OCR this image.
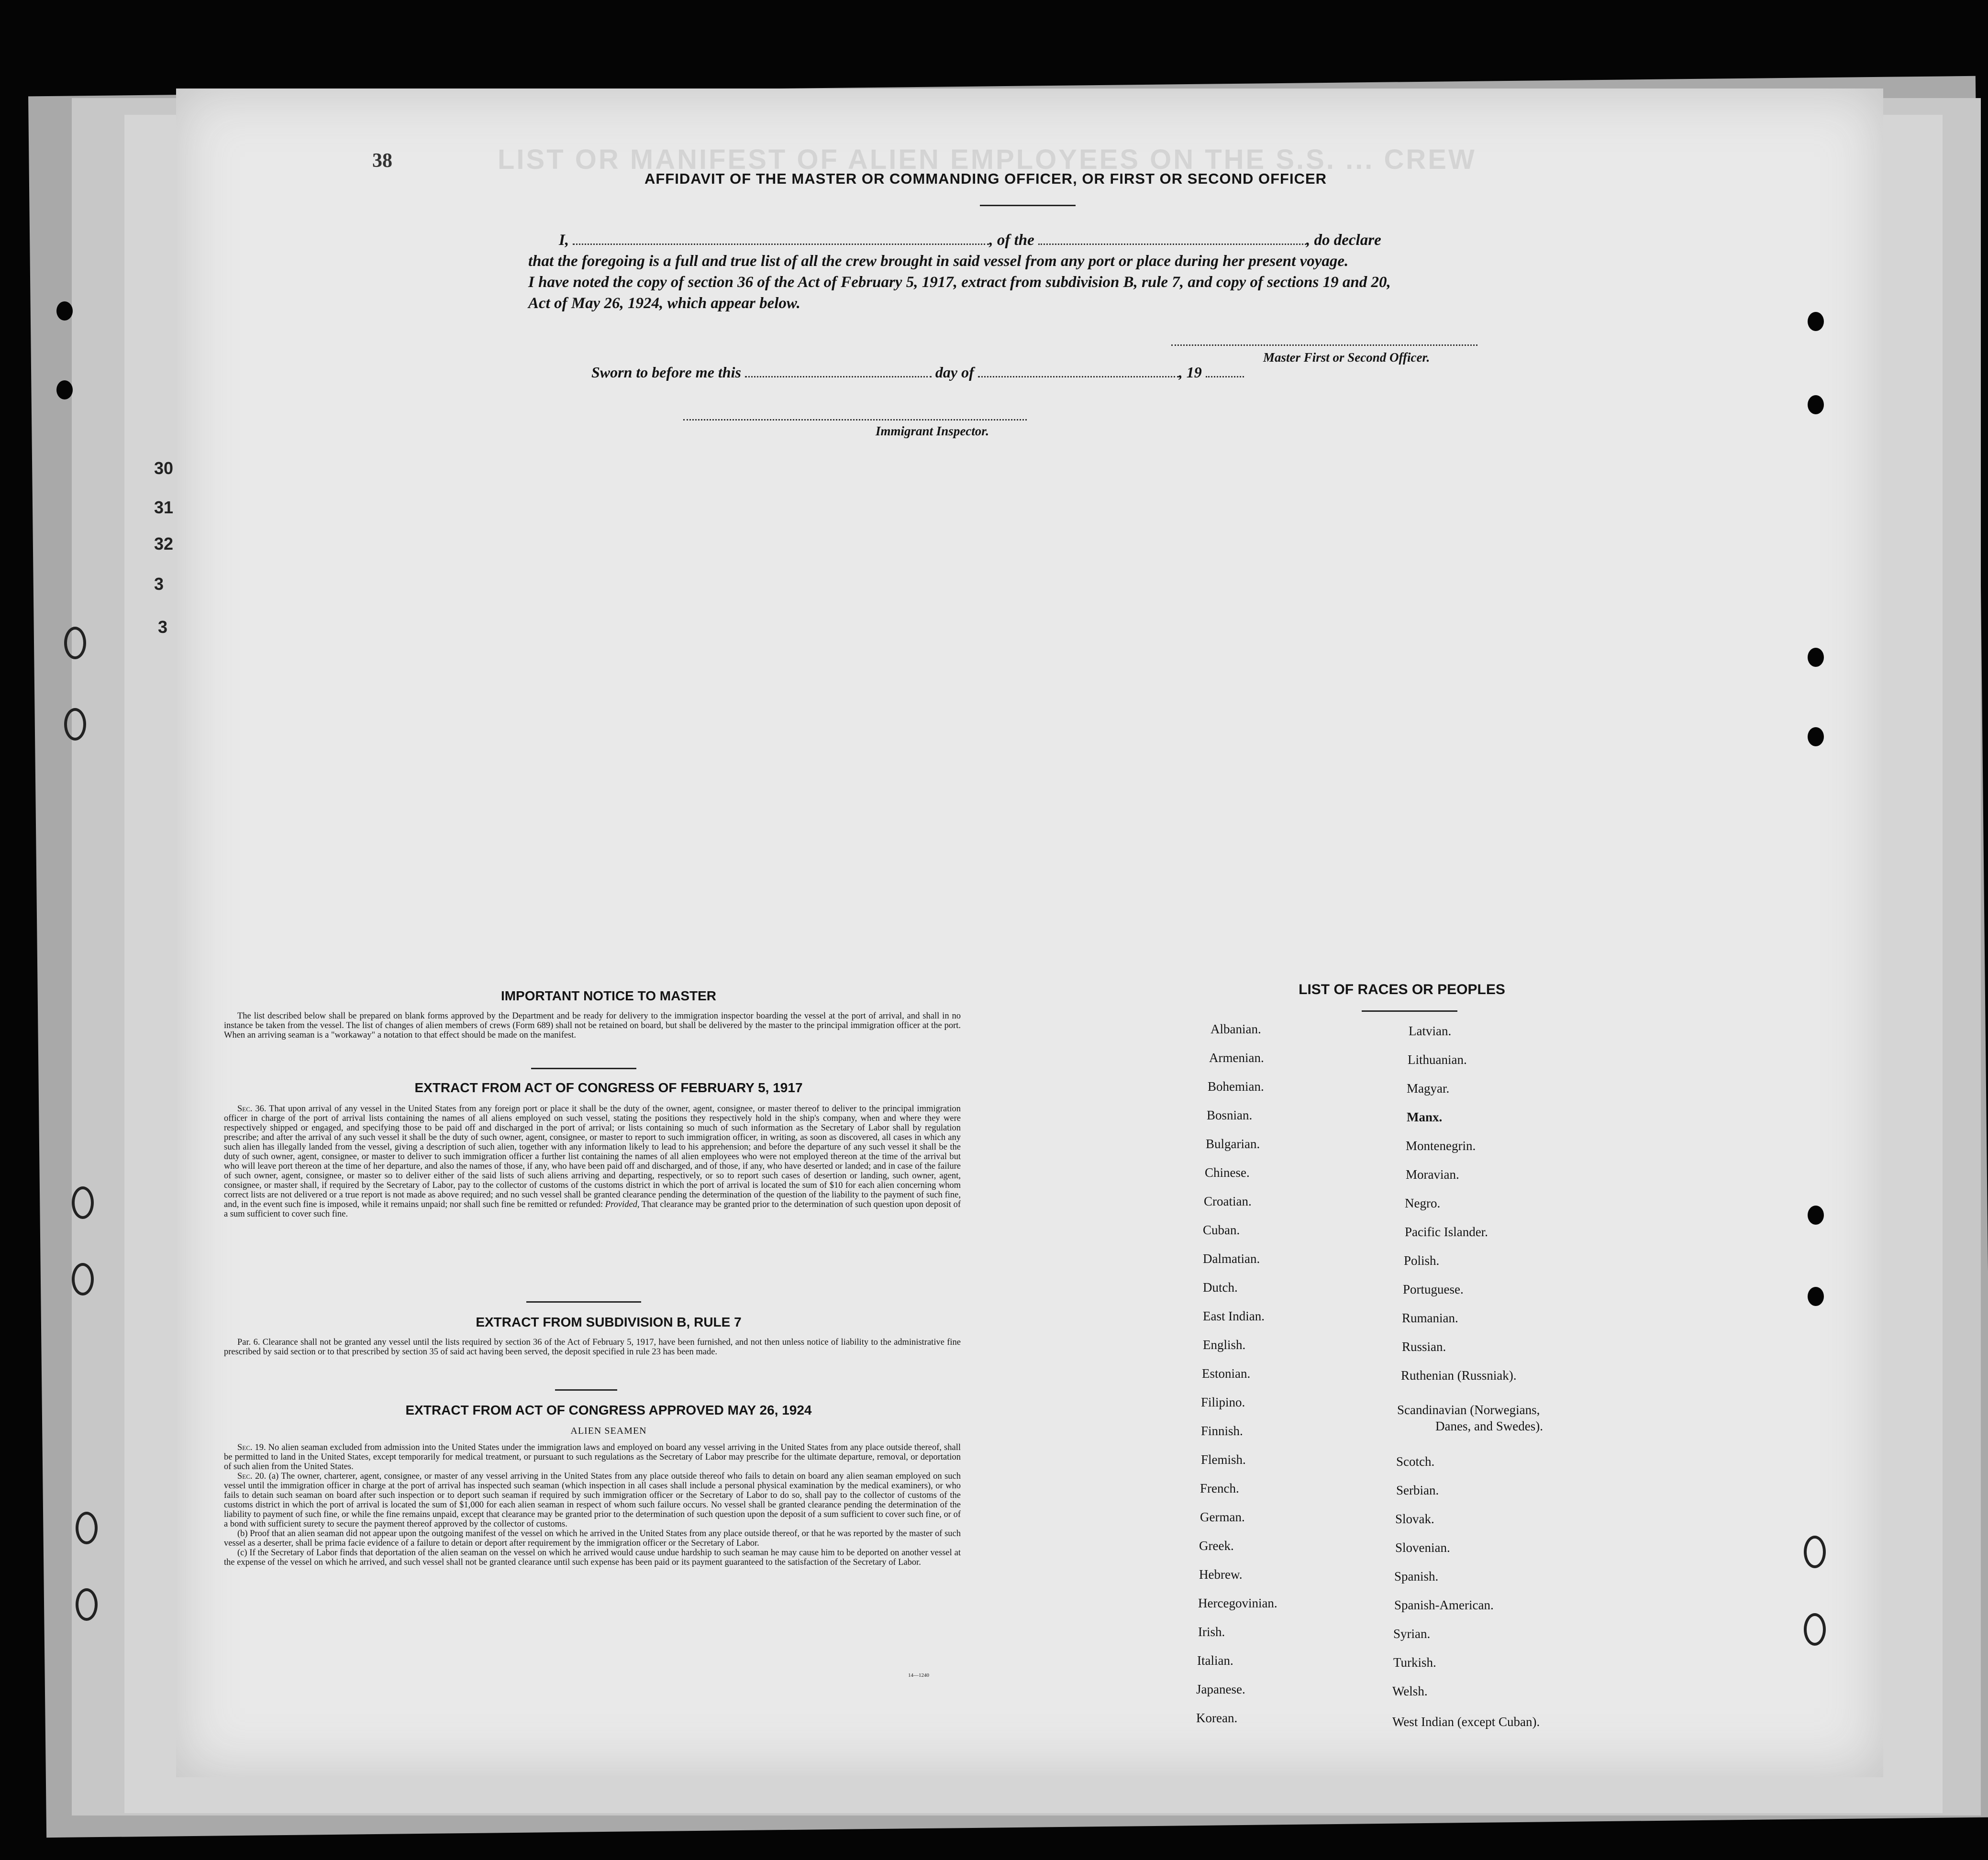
30
31
32
3
3
LIST OR MANIFEST OF ALIEN EMPLOYEES ON THE S.S. ... CREW
38
AFFIDAVIT OF THE MASTER OR COMMANDING OFFICER, OR FIRST OR SECOND OFFICER
I,	, of the	, do declare
that the foregoing is a full and true list of all the crew brought in said vessel from any port or place during her present voyage.
I have noted the copy of section 36 of the Act of February 5, 1917, extract from subdivision B, rule 7, and copy of sections 19 and 20,
Act of May 26, 1924, which appear below.
Master First or Second Officer.
Sworn to before me this	day of	, 19
Immigrant Inspector.
IMPORTANT NOTICE TO MASTER

The list described below shall be prepared on blank forms approved by the Department and be ready for delivery to the immigration inspector boarding the vessel at the port of arrival, and shall in no instance be taken from the vessel. The list of changes of alien members of crews (Form 689) shall not be retained on board, but shall be delivered by the master to the principal immigration officer at the port. When an arriving seaman is a "workaway" a notation to that effect should be made on the manifest.

EXTRACT FROM ACT OF CONGRESS OF FEBRUARY 5, 1917

Sec. 36. That upon arrival of any vessel in the United States from any foreign port or place it shall be the duty of the owner, agent, consignee, or master thereof to deliver to the principal immigration officer in charge of the port of arrival lists containing the names of all aliens employed on such vessel, stating the positions they respectively hold in the ship's company, when and where they were respectively shipped or engaged, and specifying those to be paid off and discharged in the port of arrival; or lists containing so much of such information as the Secretary of Labor shall by regulation prescribe; and after the arrival of any such vessel it shall be the duty of such owner, agent, consignee, or master to report to such immigration officer, in writing, as soon as discovered, all cases in which any such alien has illegally landed from the vessel, giving a description of such alien, together with any information likely to lead to his apprehension; and before the departure of any such vessel it shall be the duty of such owner, agent, consignee, or master to deliver to such immigration officer a further list containing the names of all alien employees who were not employed thereon at the time of the arrival but who will leave port thereon at the time of her departure, and also the names of those, if any, who have been paid off and discharged, and of those, if any, who have deserted or landed; and in case of the failure of such owner, agent, consignee, or master so to deliver either of the said lists of such aliens arriving and departing, respectively, or so to report such cases of desertion or landing, such owner, agent, consignee, or master shall, if required by the Secretary of Labor, pay to the collector of customs of the customs district in which the port of arrival is located the sum of $10 for each alien concerning whom correct lists are not delivered or a true report is not made as above required; and no such vessel shall be granted clearance pending the determination of the question of the liability to the payment of such fine, and, in the event such fine is imposed, while it remains unpaid; nor shall such fine be remitted or refunded: Provided, That clearance may be granted prior to the determination of such question upon deposit of a sum sufficient to cover such fine.

EXTRACT FROM SUBDIVISION B, RULE 7

Par. 6. Clearance shall not be granted any vessel until the lists required by section 36 of the Act of February 5, 1917, have been furnished, and not then unless notice of liability to the administrative fine prescribed by said section or to that prescribed by section 35 of said act having been served, the deposit specified in rule 23 has been made.

EXTRACT FROM ACT OF CONGRESS APPROVED MAY 26, 1924
ALIEN SEAMEN

Sec. 19. No alien seaman excluded from admission into the United States under the immigration laws and employed on board any vessel arriving in the United States from any place outside thereof, shall be permitted to land in the United States, except temporarily for medical treatment, or pursuant to such regulations as the Secretary of Labor may prescribe for the ultimate departure, removal, or deportation of such alien from the United States.

Sec. 20. (a) The owner, charterer, agent, consignee, or master of any vessel arriving in the United States from any place outside thereof who fails to detain on board any alien seaman employed on such vessel until the immigration officer in charge at the port of arrival has inspected such seaman (which inspection in all cases shall include a personal physical examination by the medical examiners), or who fails to detain such seaman on board after such inspection or to deport such seaman if required by such immigration officer or the Secretary of Labor to do so, shall pay to the collector of customs of the customs district in which the port of arrival is located the sum of $1,000 for each alien seaman in respect of whom such failure occurs. No vessel shall be granted clearance pending the determination of the liability to payment of such fine, or while the fine remains unpaid, except that clearance may be granted prior to the determination of such question upon the deposit of a sum sufficient to cover such fine, or of a bond with sufficient surety to secure the payment thereof approved by the collector of customs.

(b) Proof that an alien seaman did not appear upon the outgoing manifest of the vessel on which he arrived in the United States from any place outside thereof, or that he was reported by the master of such vessel as a deserter, shall be prima facie evidence of a failure to detain or deport after requirement by the immigration officer or the Secretary of Labor.

(c) If the Secretary of Labor finds that deportation of the alien seaman on the vessel on which he arrived would cause undue hardship to such seaman he may cause him to be deported on another vessel at the expense of the vessel on which he arrived, and such vessel shall not be granted clearance until such expense has been paid or its payment guaranteed to the satisfaction of the Secretary of Labor.

14—1240
LIST OF RACES OR PEOPLES
Albanian.
Armenian.
Bohemian.
Bosnian.
Bulgarian.
Chinese.
Croatian.
Cuban.
Dalmatian.
Dutch.
East Indian.
English.
Estonian.
Filipino.
Finnish.
Flemish.
French.
German.
Greek.
Hebrew.
Hercegovinian.
Irish.
Italian.
Japanese.
Korean.
Latvian.
Lithuanian.
Magyar.
Manx.
Montenegrin.
Moravian.
Negro.
Pacific Islander.
Polish.
Portuguese.
Rumanian.
Russian.
Ruthenian (Russniak).
Scandinavian (Norwegians,
Danes, and Swedes).
Scotch.
Serbian.
Slovak.
Slovenian.
Spanish.
Spanish-American.
Syrian.
Turkish.
Welsh.
West Indian (except Cuban).
